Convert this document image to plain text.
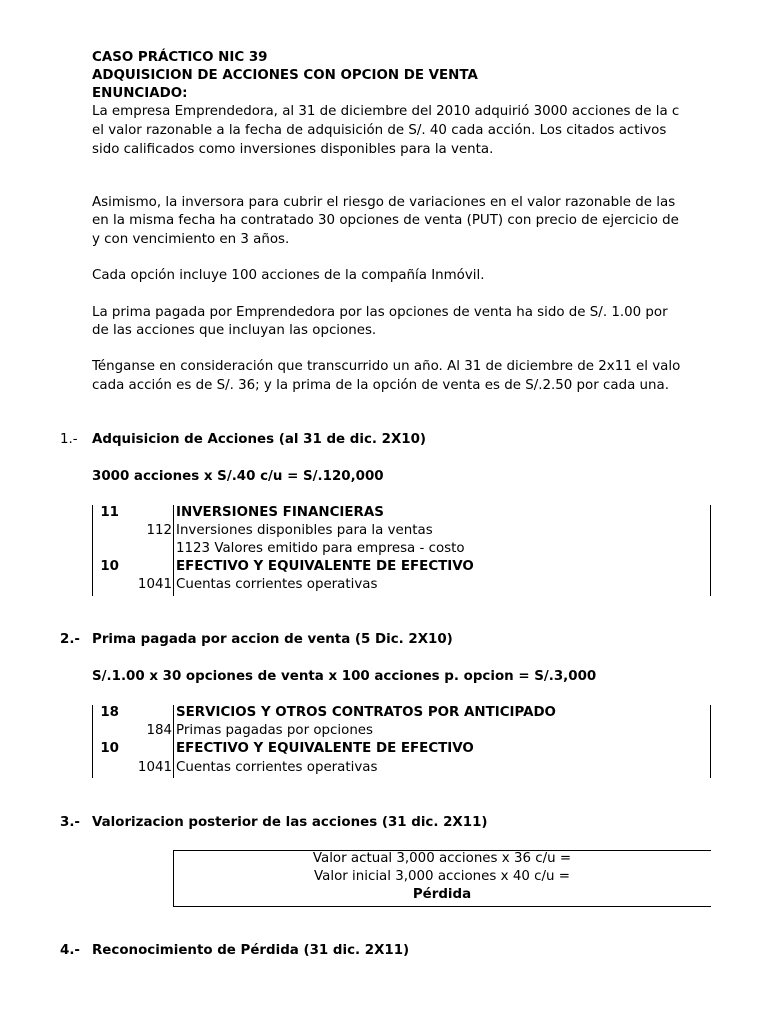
CASO PRÁCTICO NIC 39
ADQUISICION DE ACCIONES CON OPCION DE VENTA
ENUNCIADO:
La empresa Emprendedora, al 31 de diciembre del 2010 adquirió 3000 acciones de la c
el valor razonable a la fecha de adquisición de S/. 40 cada acción. Los citados activos
sido calificados como inversiones disponibles para la venta.
Asimismo, la inversora para cubrir el riesgo de variaciones en el valor razonable de las
en la misma fecha ha contratado 30 opciones de venta (PUT) con precio de ejercicio de
y con vencimiento en 3 años.
Cada opción incluye 100 acciones de la compañía Inmóvil.
La prima pagada por Emprendedora por las opciones de venta ha sido de S/. 1.00 por
de las acciones que incluyan las opciones.
Ténganse en consideración que transcurrido un año. Al 31 de diciembre de 2x11 el valo
cada acción es de S/. 36; y la prima de la opción de venta es de S/.2.50 por cada una.
1.- Adquisicion de Acciones (al 31 de dic. 2X10)
3000 acciones x S/.40 c/u = S/.120,000
11	INVERSIONES FINANCIERAS
112 Inversiones disponibles para la ventas
1123 Valores emitido para empresa - costo
10	EFECTIVO Y EQUIVALENTE DE EFECTIVO
1041 Cuentas corrientes operativas
2.- Prima pagada por accion de venta (5 Dic. 2X10)
S/.1.00 x 30 opciones de venta x 100 acciones p. opcion = S/.3,000
18	SERVICIOS Y OTROS CONTRATOS POR ANTICIPADO
184 Primas pagadas por opciones
10	EFECTIVO Y EQUIVALENTE DE EFECTIVO
1041 Cuentas corrientes operativas
3.- Valorizacion posterior de las acciones (31 dic. 2X11)
Valor actual 3,000 acciones x 36 c/u =
Valor inicial 3,000 acciones x 40 c/u =
Pérdida
4.- Reconocimiento de Pérdida (31 dic. 2X11)
